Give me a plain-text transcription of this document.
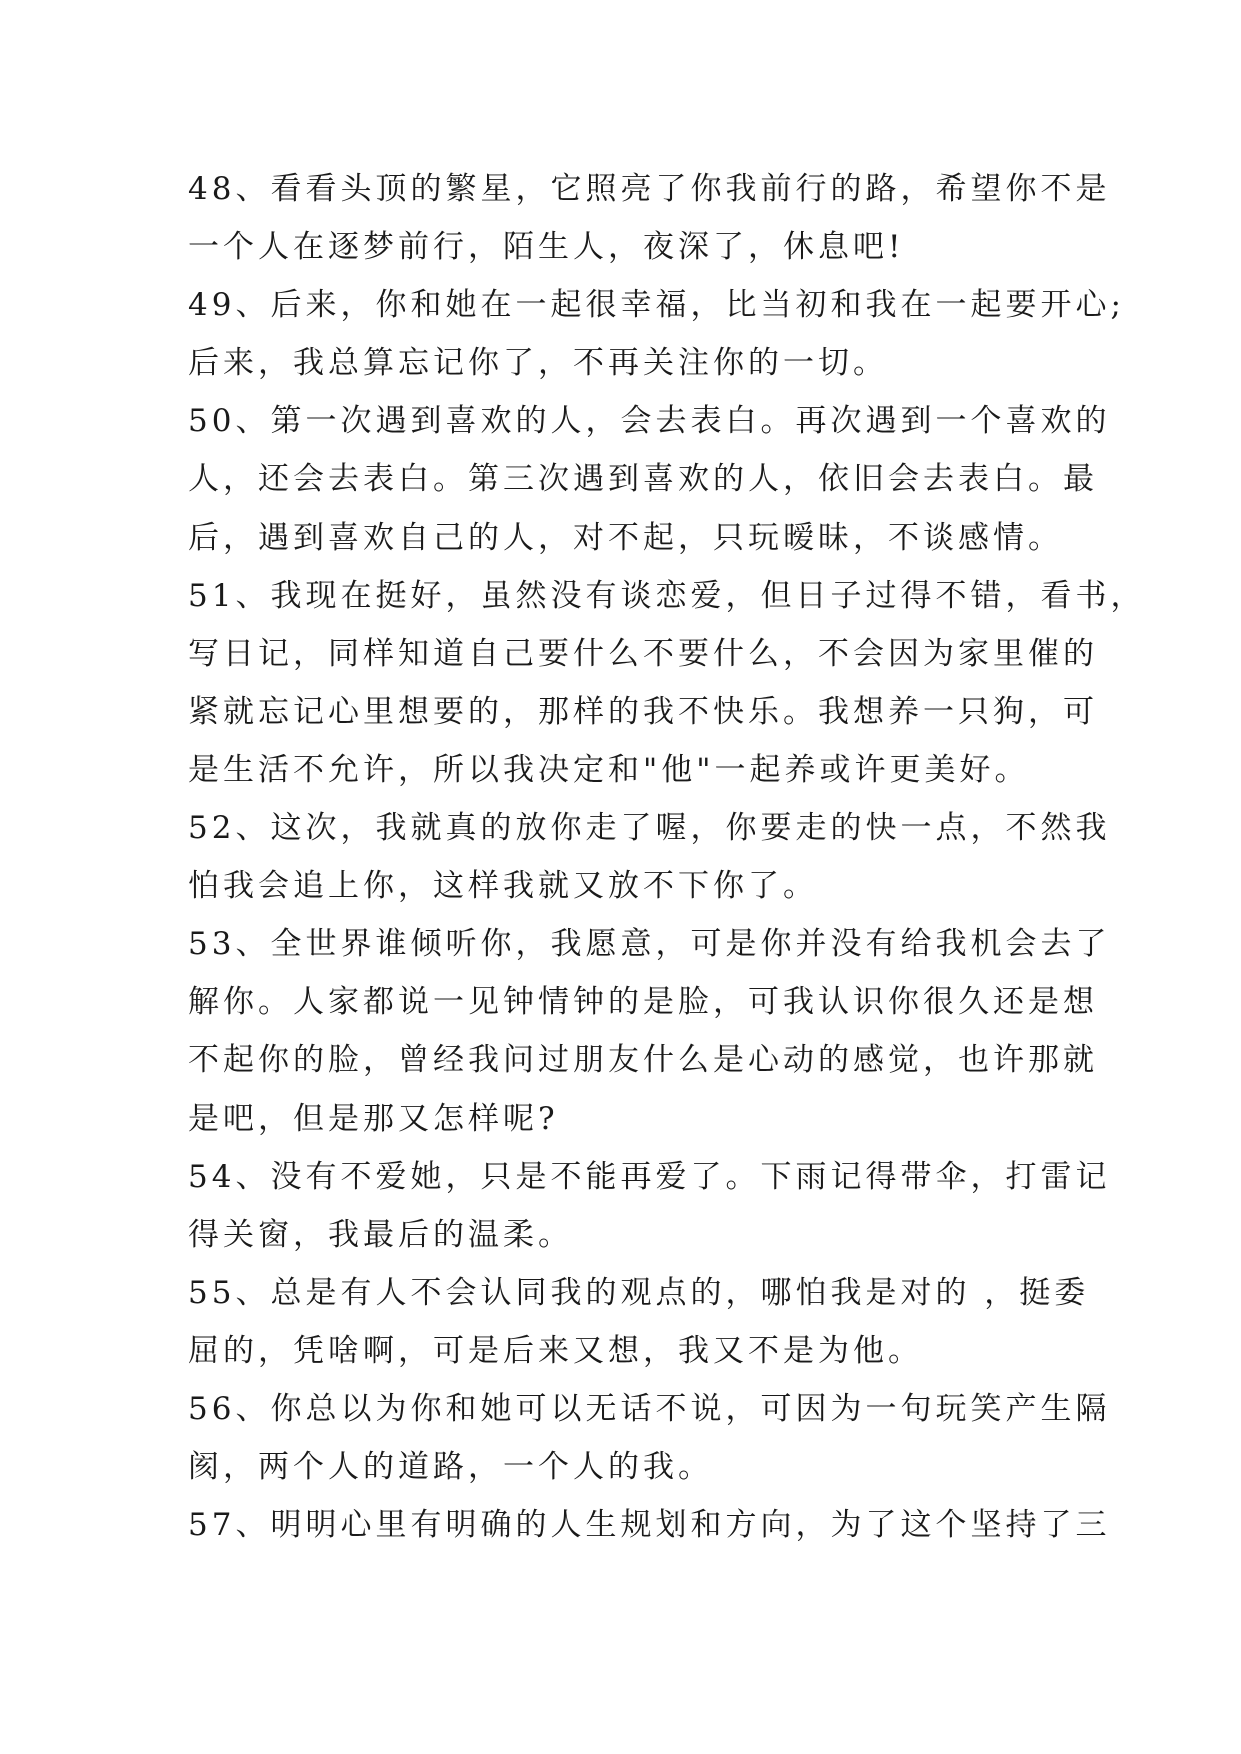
48、看看头顶的繁星，它照亮了你我前行的路，希望你不是
一个人在逐梦前行，陌生人，夜深了，休息吧!
49、后来，你和她在一起很幸福，比当初和我在一起要开心;
后来，我总算忘记你了，不再关注你的一切。
50、第一次遇到喜欢的人，会去表白。再次遇到一个喜欢的
人，还会去表白。第三次遇到喜欢的人，依旧会去表白。最
后，遇到喜欢自己的人，对不起，只玩暧昧，不谈感情。
51、我现在挺好，虽然没有谈恋爱，但日子过得不错，看书，
写日记，同样知道自己要什么不要什么，不会因为家里催的
紧就忘记心里想要的，那样的我不快乐。我想养一只狗，可
是生活不允许，所以我决定和"他"一起养或许更美好。
52、这次，我就真的放你走了喔，你要走的快一点，不然我
怕我会追上你，这样我就又放不下你了。
53、全世界谁倾听你，我愿意，可是你并没有给我机会去了
解你。人家都说一见钟情钟的是脸，可我认识你很久还是想
不起你的脸，曾经我问过朋友什么是心动的感觉，也许那就
是吧，但是那又怎样呢?
54、没有不爱她，只是不能再爱了。下雨记得带伞，打雷记
得关窗，我最后的温柔。
55、总是有人不会认同我的观点的，哪怕我是对的 ，挺委
屈的，凭啥啊，可是后来又想，我又不是为他。
56、你总以为你和她可以无话不说，可因为一句玩笑产生隔
阂，两个人的道路，一个人的我。
57、明明心里有明确的人生规划和方向，为了这个坚持了三
